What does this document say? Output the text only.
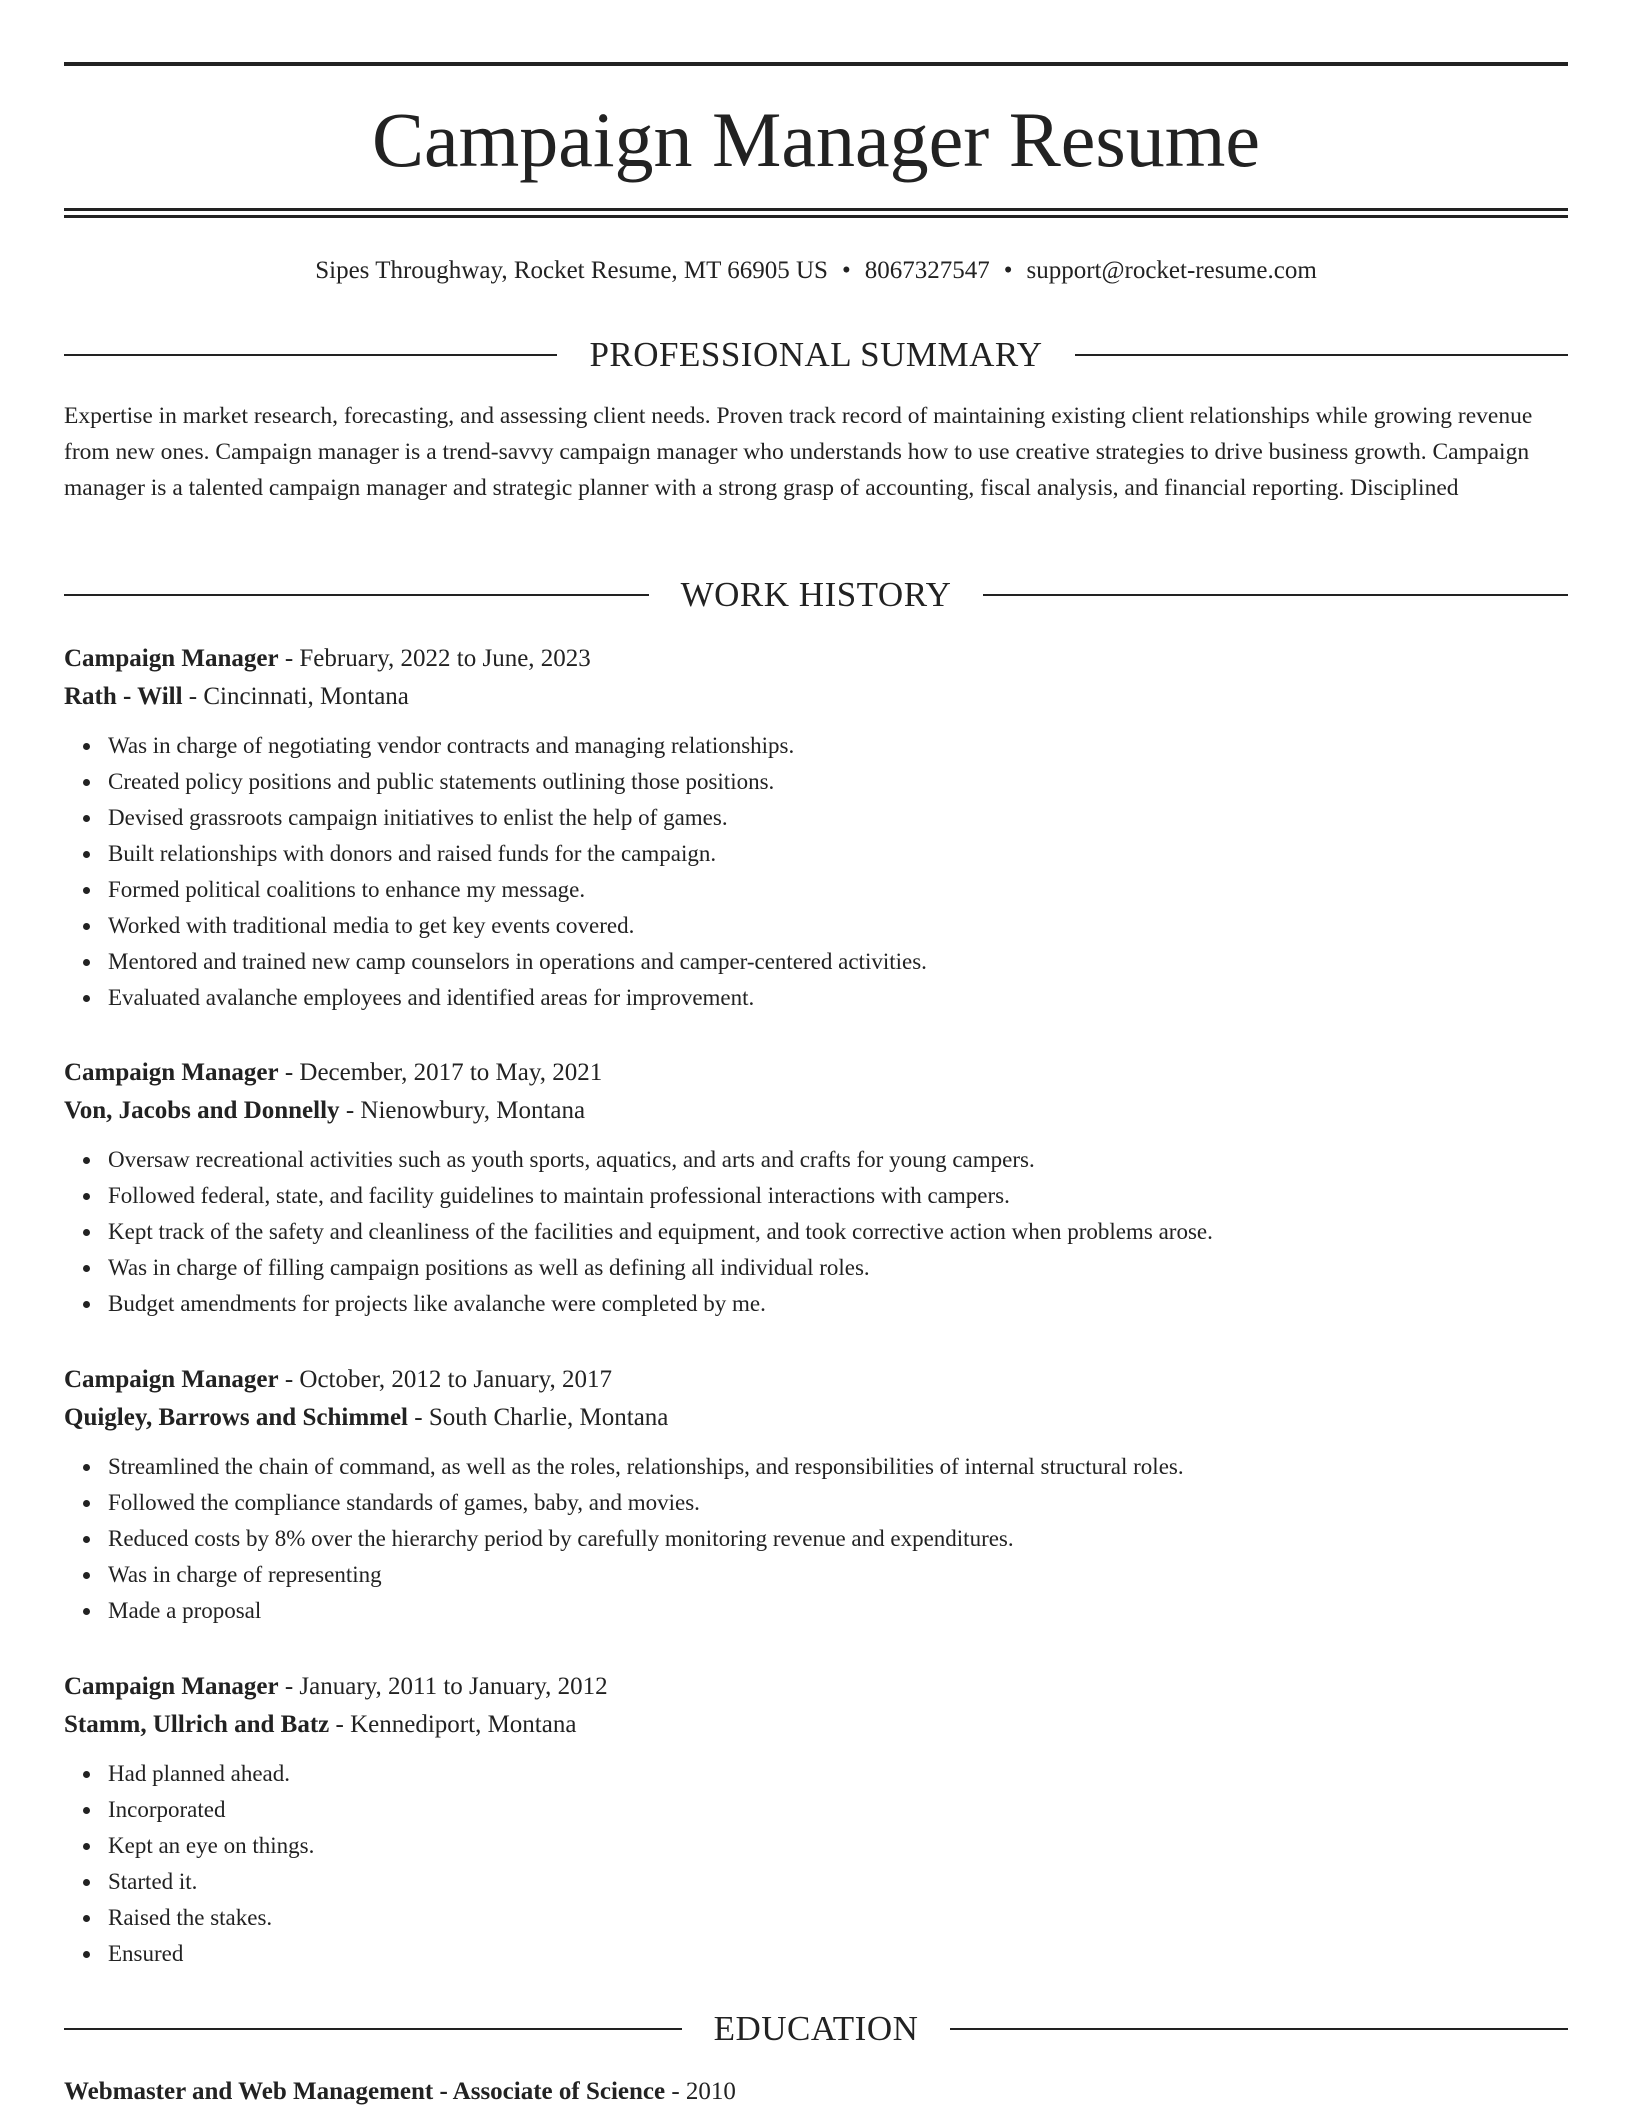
Campaign Manager Resume
Sipes Throughway, Rocket Resume, MT 66905 US • 8067327547 • support@rocket-resume.com
PROFESSIONAL SUMMARY

Expertise in market research, forecasting, and assessing client needs. Proven track record of maintaining existing client relationships while growing revenue from new ones. Campaign manager is a trend-savvy campaign manager who understands how to use creative strategies to drive business growth. Campaign manager is a talented campaign manager and strategic planner with a strong grasp of accounting, fiscal analysis, and financial reporting. Disciplined

WORK HISTORY
Campaign Manager - February, 2022 to June, 2023
Rath - Will - Cincinnati, Montana
Was in charge of negotiating vendor contracts and managing relationships.
Created policy positions and public statements outlining those positions.
Devised grassroots campaign initiatives to enlist the help of games.
Built relationships with donors and raised funds for the campaign.
Formed political coalitions to enhance my message.
Worked with traditional media to get key events covered.
Mentored and trained new camp counselors in operations and camper-centered activities.
Evaluated avalanche employees and identified areas for improvement.
Campaign Manager - December, 2017 to May, 2021
Von, Jacobs and Donnelly - Nienowbury, Montana
Oversaw recreational activities such as youth sports, aquatics, and arts and crafts for young campers.
Followed federal, state, and facility guidelines to maintain professional interactions with campers.
Kept track of the safety and cleanliness of the facilities and equipment, and took corrective action when problems arose.
Was in charge of filling campaign positions as well as defining all individual roles.
Budget amendments for projects like avalanche were completed by me.
Campaign Manager - October, 2012 to January, 2017
Quigley, Barrows and Schimmel - South Charlie, Montana
Streamlined the chain of command, as well as the roles, relationships, and responsibilities of internal structural roles.
Followed the compliance standards of games, baby, and movies.
Reduced costs by 8% over the hierarchy period by carefully monitoring revenue and expenditures.
Was in charge of representing
Made a proposal
Campaign Manager - January, 2011 to January, 2012
Stamm, Ullrich and Batz - Kennediport, Montana
Had planned ahead.
Incorporated
Kept an eye on things.
Started it.
Raised the stakes.
Ensured
EDUCATION
Webmaster and Web Management - Associate of Science - 2010
